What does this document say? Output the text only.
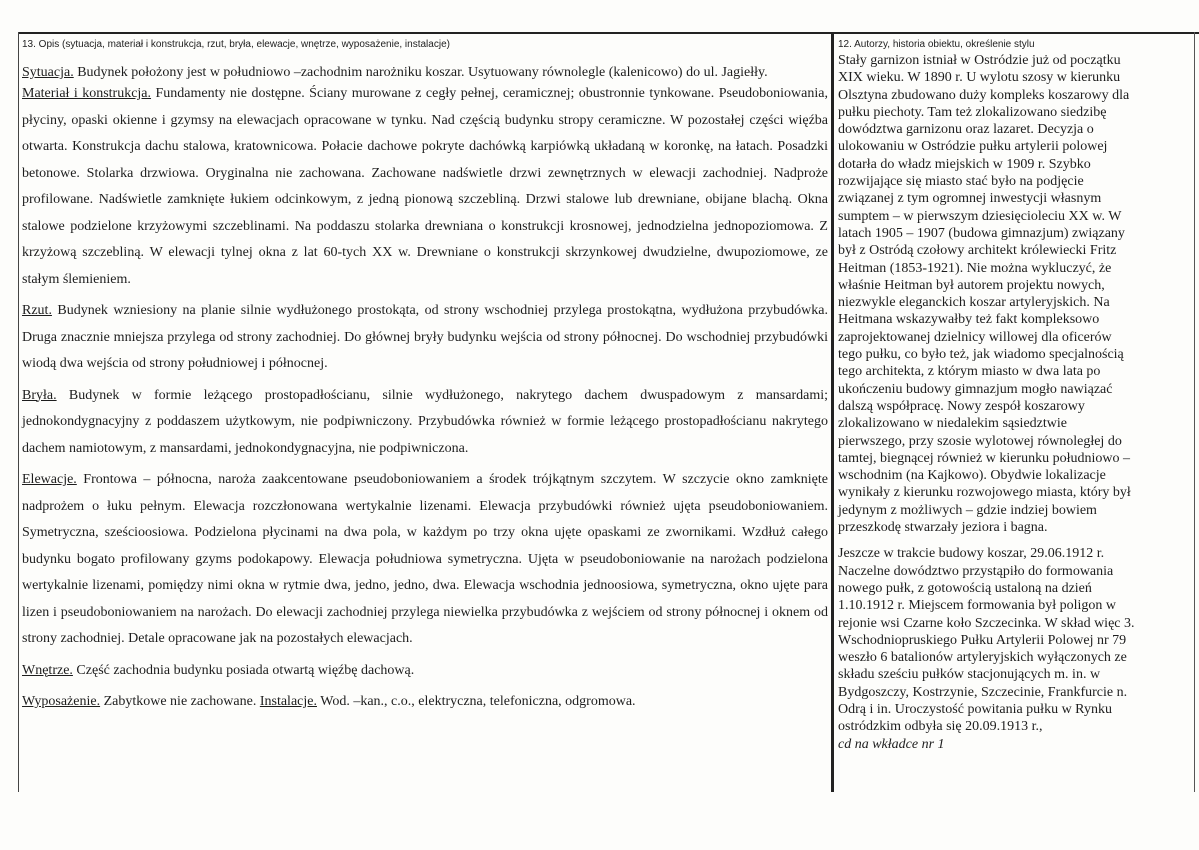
13. Opis (sytuacja, materiał i konstrukcja, rzut, bryła, elewacje, wnętrze, wyposażenie, instalacje)	12. Autorzy, historia obiektu, określenie stylu

Sytuacja. Budynek położony jest w południowo –zachodnim narożniku koszar. Usytuowany równolegle (kalenicowo) do ul. Jagiełły.

Materiał i konstrukcja. Fundamenty nie dostępne. Ściany murowane z cegły pełnej, ceramicznej; obustronnie tynkowane. Pseudoboniowania, płyciny, opaski okienne i gzymsy na elewacjach opracowane w tynku. Nad częścią budynku stropy ceramiczne. W pozostałej części więźba otwarta. Konstrukcja dachu stalowa, kratownicowa. Połacie dachowe pokryte dachówką karpiówką układaną w koronkę, na łatach. Posadzki betonowe. Stolarka drzwiowa. Oryginalna nie zachowana. Zachowane nadświetle drzwi zewnętrznych w elewacji zachodniej. Nadproże profilowane. Nadświetle zamknięte łukiem odcinkowym, z jedną pionową szczebliną. Drzwi stalowe lub drewniane, obijane blachą. Okna stalowe podzielone krzyżowymi szczeblinami. Na poddaszu stolarka drewniana o konstrukcji krosnowej, jednodzielna jednopoziomowa. Z krzyżową szczebliną. W elewacji tylnej okna z lat 60-tych XX w. Drewniane o konstrukcji skrzynkowej dwudzielne, dwupoziomowe, ze stałym ślemieniem.

Rzut. Budynek wzniesiony na planie silnie wydłużonego prostokąta, od strony wschodniej przylega prostokątna, wydłużona przybudówka. Druga znacznie mniejsza przylega od strony zachodniej. Do głównej bryły budynku wejścia od strony północnej. Do wschodniej przybudówki wiodą dwa wejścia od strony południowej i północnej.

Bryła. Budynek w formie leżącego prostopadłościanu, silnie wydłużonego, nakrytego dachem dwuspadowym z mansardami; jednokondygnacyjny z poddaszem użytkowym, nie podpiwniczony. Przybudówka również w formie leżącego prostopadłościanu nakrytego dachem namiotowym, z mansardami, jednokondygnacyjna, nie podpiwniczona.

Elewacje. Frontowa – północna, naroża zaakcentowane pseudoboniowaniem a środek trójkątnym szczytem. W szczycie okno zamknięte nadprożem o łuku pełnym. Elewacja rozczłonowana wertykalnie lizenami. Elewacja przybudówki również ujęta pseudoboniowaniem. Symetryczna, sześcioosiowa. Podzielona płycinami na dwa pola, w każdym po trzy okna ujęte opaskami ze zwornikami. Wzdłuż całego budynku bogato profilowany gzyms podokapowy. Elewacja południowa symetryczna. Ujęta w pseudoboniowanie na narożach podzielona wertykalnie lizenami, pomiędzy nimi okna w rytmie dwa, jedno, jedno, dwa. Elewacja wschodnia jednoosiowa, symetryczna, okno ujęte para lizen i pseudoboniowaniem na narożach. Do elewacji zachodniej przylega niewielka przybudówka z wejściem od strony północnej i oknem od strony zachodniej. Detale opracowane jak na pozostałych elewacjach.

Wnętrze. Część zachodnia budynku posiada otwartą więźbę dachową.

Wyposażenie. Zabytkowe nie zachowane. Instalacje. Wod. –kan., c.o., elektryczna, telefoniczna, odgromowa.

Stały garnizon istniał w Ostródzie już od początku

XIX wieku. W 1890 r. U wylotu szosy w kierunku

Olsztyna zbudowano duży kompleks koszarowy dla

pułku piechoty. Tam też zlokalizowano siedzibę

dowództwa garnizonu oraz lazaret. Decyzja o

ulokowaniu w Ostródzie pułku artylerii polowej

dotarła do władz miejskich w 1909 r. Szybko

rozwijające się miasto stać było na podjęcie

związanej z tym ogromnej inwestycji własnym

sumptem – w pierwszym dziesięcioleciu XX w. W

latach 1905 – 1907 (budowa gimnazjum) związany

był z Ostródą czołowy architekt królewiecki Fritz

Heitman (1853-1921). Nie można wykluczyć, że

właśnie Heitman był autorem projektu nowych,

niezwykle eleganckich koszar artyleryjskich. Na

Heitmana wskazywałby też fakt kompleksowo

zaprojektowanej dzielnicy willowej dla oficerów

tego pułku, co było też, jak wiadomo specjalnością

tego architekta, z którym miasto w dwa lata po

ukończeniu budowy gimnazjum mogło nawiązać

dalszą współpracę. Nowy zespół koszarowy

zlokalizowano w niedalekim sąsiedztwie

pierwszego, przy szosie wylotowej równoległej do

tamtej, biegnącej również w kierunku południowo –

wschodnim (na Kajkowo). Obydwie lokalizacje

wynikały z kierunku rozwojowego miasta, który był

jedynym z możliwych – gdzie indziej bowiem

przeszkodę stwarzały jeziora i bagna.

Jeszcze w trakcie budowy koszar, 29.06.1912 r.

Naczelne dowództwo przystąpiło do formowania

nowego pułk, z gotowością ustaloną na dzień

1.10.1912 r. Miejscem formowania był poligon w

rejonie wsi Czarne koło Szczecinka. W skład więc 3.

Wschodniopruskiego Pułku Artylerii Polowej nr 79

weszło 6 batalionów artyleryjskich wyłączonych ze

składu sześciu pułków stacjonujących m. in. w

Bydgoszczy, Kostrzynie, Szczecinie, Frankfurcie n.

Odrą i in. Uroczystość powitania pułku w Rynku

ostródzkim odbyła się 20.09.1913 r.,

cd na wkładce nr 1
